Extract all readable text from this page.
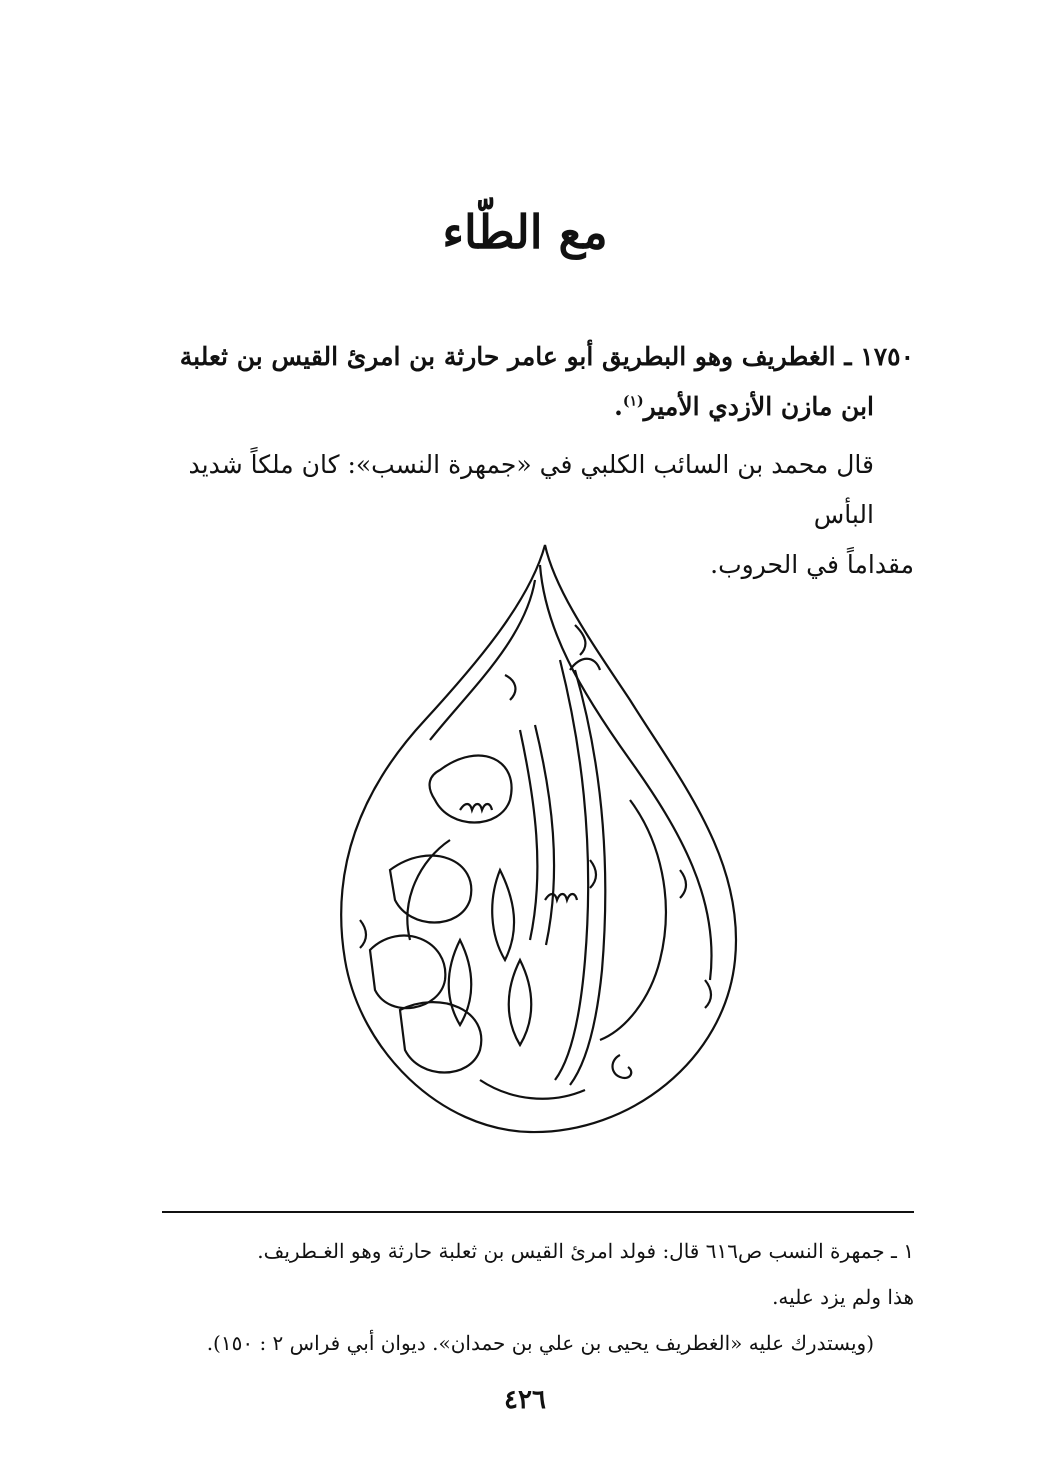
مع الطّاء
١٧٥٠ ـ الغطريف وهو البطريق أبو عامر حارثة بن امرئ القيس بن ثعلبة
ابن مازن الأزدي الأمير$^{(١)}$.
قال محمد بن السائب الكلبي في «جمهرة النسب»: كان ملكاً شديد البأس
مقداماً في الحروب.
١ ـ جمهرة النسب ص٦١٦ قال: فولد امرئ القيس بن ثعلبة حارثة وهو الغـطريف.
هذا ولم يزد عليه.
(ويستدرك عليه «الغطريف يحيى بن علي بن حمدان». ديوان أبي فراس ٢ : ١٥٠).
٤٢٦
